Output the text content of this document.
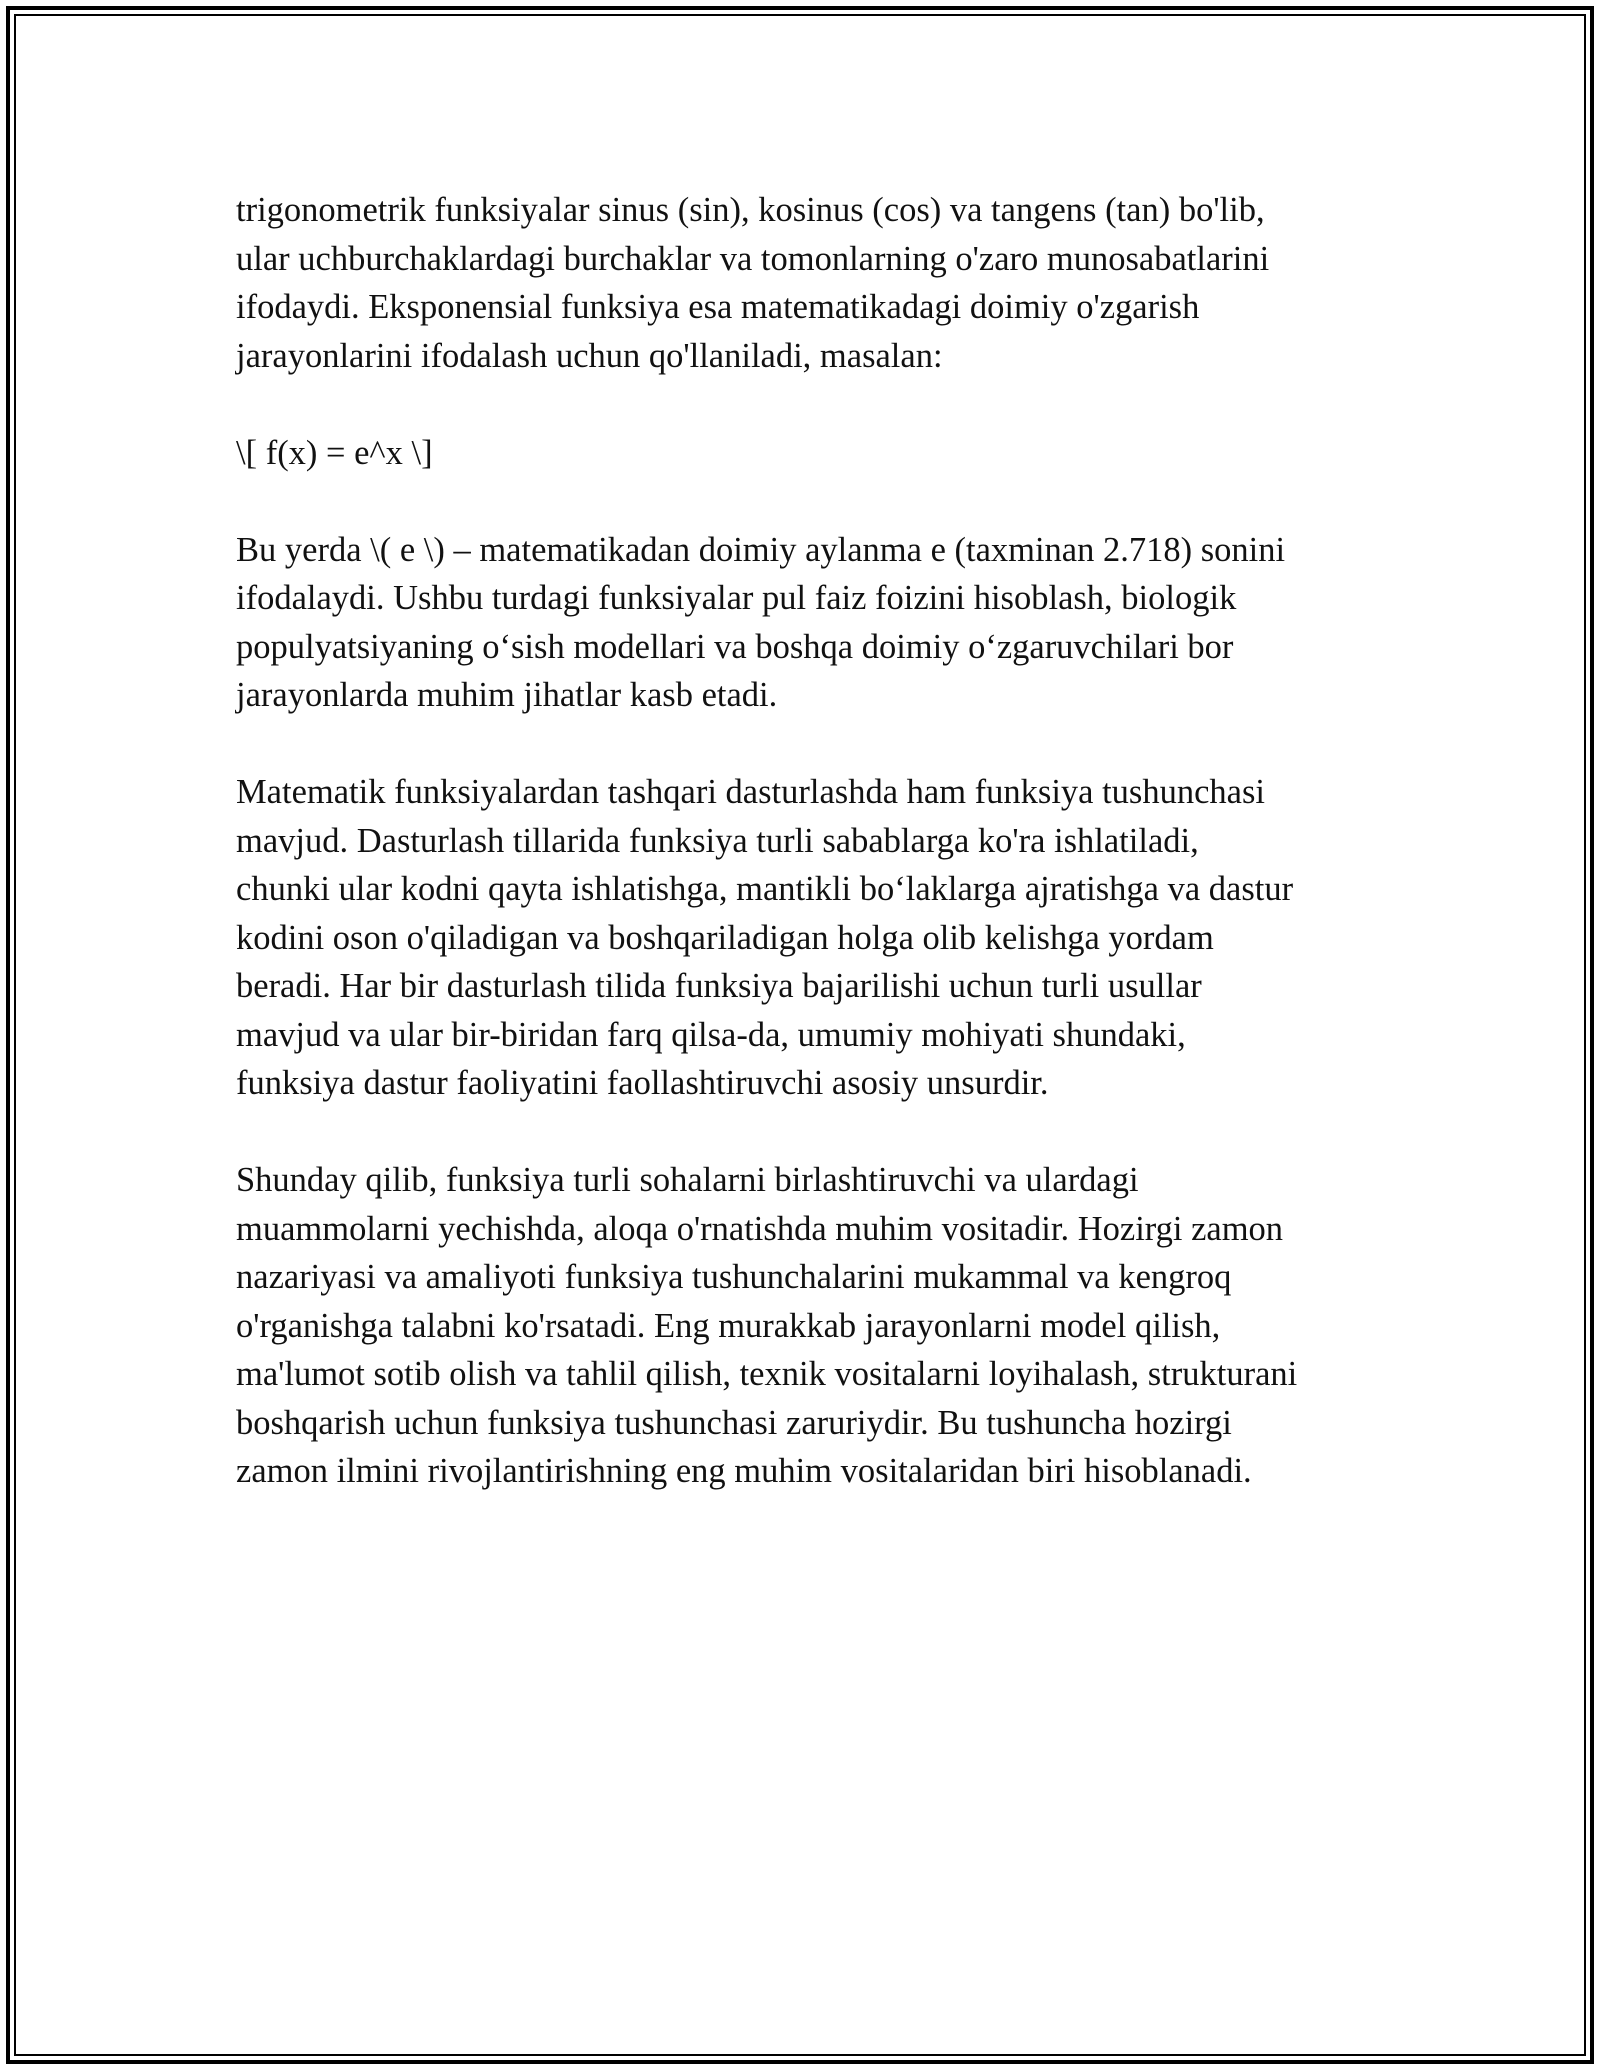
trigonometrik funksiyalar sinus (sin), kosinus (cos) va tangens (tan) bo'lib,
ular uchburchaklardagi burchaklar va tomonlarning o'zaro munosabatlarini
ifodaydi. Eksponensial funksiya esa matematikadagi doimiy o'zgarish
jarayonlarini ifodalash uchun qo'llaniladi, masalan:

\[ f(x) = e^x \]

Bu yerda \( e \) – matematikadan doimiy aylanma e (taxminan 2.718) sonini
ifodalaydi. Ushbu turdagi funksiyalar pul faiz foizini hisoblash, biologik
populyatsiyaning o‘sish modellari va boshqa doimiy o‘zgaruvchilari bor
jarayonlarda muhim jihatlar kasb etadi.

Matematik funksiyalardan tashqari dasturlashda ham funksiya tushunchasi
mavjud. Dasturlash tillarida funksiya turli sabablarga ko'ra ishlatiladi,
chunki ular kodni qayta ishlatishga, mantikli bo‘laklarga ajratishga va dastur
kodini oson o'qiladigan va boshqariladigan holga olib kelishga yordam
beradi. Har bir dasturlash tilida funksiya bajarilishi uchun turli usullar
mavjud va ular bir-biridan farq qilsa-da, umumiy mohiyati shundaki,
funksiya dastur faoliyatini faollashtiruvchi asosiy unsurdir.

Shunday qilib, funksiya turli sohalarni birlashtiruvchi va ulardagi
muammolarni yechishda, aloqa o'rnatishda muhim vositadir. Hozirgi zamon
nazariyasi va amaliyoti funksiya tushunchalarini mukammal va kengroq
o'rganishga talabni ko'rsatadi. Eng murakkab jarayonlarni model qilish,
ma'lumot sotib olish va tahlil qilish, texnik vositalarni loyihalash, strukturani
boshqarish uchun funksiya tushunchasi zaruriydir. Bu tushuncha hozirgi
zamon ilmini rivojlantirishning eng muhim vositalaridan biri hisoblanadi.
